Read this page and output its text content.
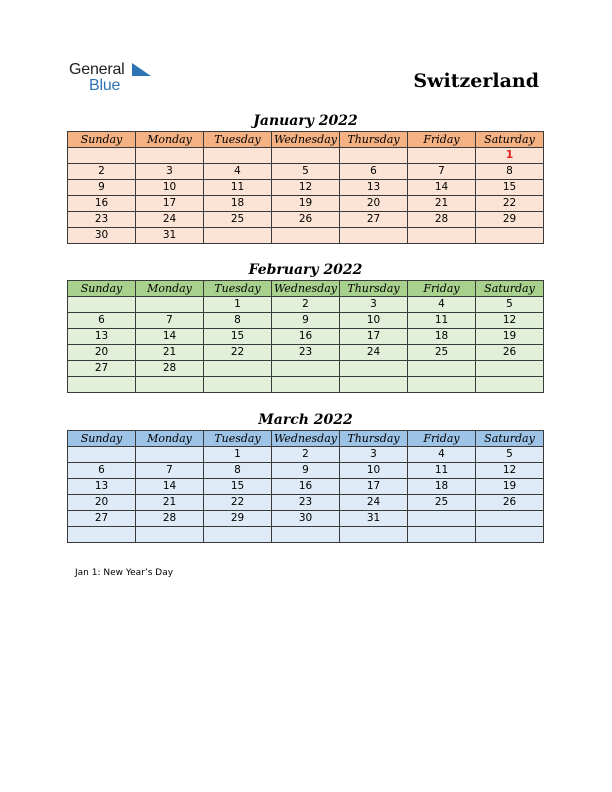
General
Blue	Switzerland
January 2022
Sunday	Monday	Tuesday	Wednesday	Thursday	Friday	Saturday
						1
2	3	4	5	6	7	8
9	10	11	12	13	14	15
16	17	18	19	20	21	22
23	24	25	26	27	28	29
30	31					
February 2022
Sunday	Monday	Tuesday	Wednesday	Thursday	Friday	Saturday
		1	2	3	4	5
6	7	8	9	10	11	12
13	14	15	16	17	18	19
20	21	22	23	24	25	26
27	28					

March 2022
Sunday	Monday	Tuesday	Wednesday	Thursday	Friday	Saturday
		1	2	3	4	5
6	7	8	9	10	11	12
13	14	15	16	17	18	19
20	21	22	23	24	25	26
27	28	29	30	31		

Jan 1: New Year’s Day
